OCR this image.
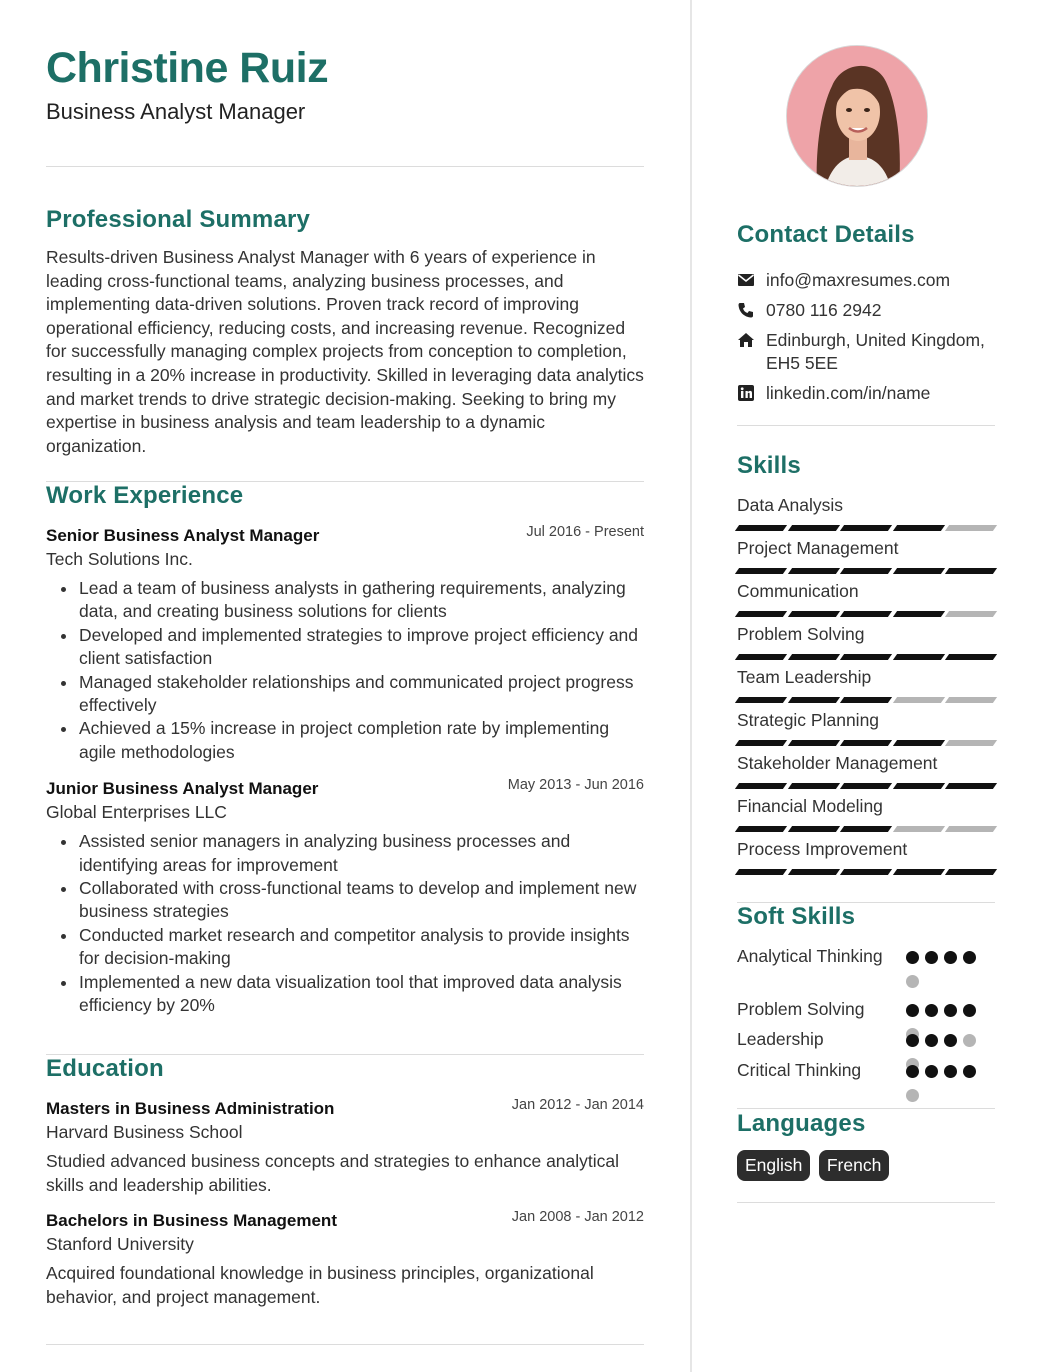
Christine Ruiz
Business Analyst Manager
Professional Summary
Results-driven Business Analyst Manager with 6 years of experience in leading cross-functional teams, analyzing business processes, and implementing data-driven solutions. Proven track record of improving operational efficiency, reducing costs, and increasing revenue. Recognized for successfully managing complex projects from conception to completion, resulting in a 20% increase in productivity. Skilled in leveraging data analytics and market trends to drive strategic decision-making. Seeking to bring my expertise in business analysis and team leadership to a dynamic organization.
Work Experience
Senior Business Analyst Manager	Jul 2016 - Present
Tech Solutions Inc.
Lead a team of business analysts in gathering requirements, analyzing data, and creating business solutions for clients
Developed and implemented strategies to improve project efficiency and client satisfaction
Managed stakeholder relationships and communicated project progress effectively
Achieved a 15% increase in project completion rate by implementing agile methodologies
Junior Business Analyst Manager	May 2013 - Jun 2016
Global Enterprises LLC
Assisted senior managers in analyzing business processes and identifying areas for improvement
Collaborated with cross-functional teams to develop and implement new business strategies
Conducted market research and competitor analysis to provide insights for decision-making
Implemented a new data visualization tool that improved data analysis efficiency by 20%
Education
Masters in Business Administration	Jan 2012 - Jan 2014
Harvard Business School
Studied advanced business concepts and strategies to enhance analytical skills and leadership abilities.
Bachelors in Business Management	Jan 2008 - Jan 2012
Stanford University
Acquired foundational knowledge in business principles, organizational behavior, and project management.
Contact Details
info@maxresumes.com
0780 116 2942
Edinburgh, United Kingdom,
EH5 5EE
linkedin.com/in/name
Skills
Data Analysis
Project Management
Communication
Problem Solving
Team Leadership
Strategic Planning
Stakeholder Management
Financial Modeling
Process Improvement
Soft Skills
Analytical Thinking
Problem Solving
Leadership
Critical Thinking
Languages
English French
